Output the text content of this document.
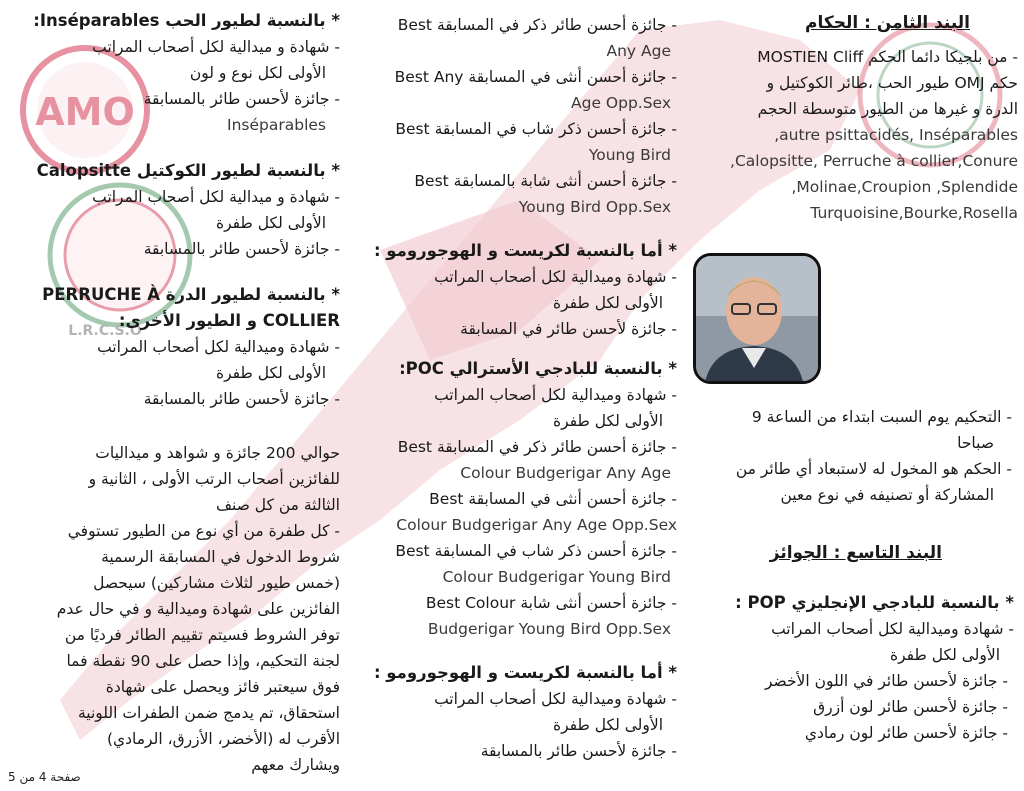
AMO
L.R.C.S.O
البند الثامن : الحكام
- من بلجيكا دائما الحكم MOSTIEN Cliff
حكم OMJ طيور الحب ،طائر الكوكتيل و
الدرة و غيرها من الطيور متوسطة الحجم
autre psittacidés, Inséparables,
Calopsitte, Perruche à collier,Conure,
Molinae,Croupion ,Splendide,
Turquoisine,Bourke,Rosella
- التحكيم يوم السبت ابتداء من الساعة 9
صباحا
- الحكم هو المخول له لاستبعاد أي طائر من
المشاركة أو تصنيفه في نوع معين
البند التاسع : الجوائز
* بالنسبة للبادجي الإنجليزي POP :
- شهادة وميدالية لكل أصحاب المراتب
الأولى لكل طفرة
- جائزة لأحسن طائر في اللون الأخضر
- جائزة لأحسن طائر لون أزرق
- جائزة لأحسن طائر لون رمادي
- جائزة أحسن طائر ذكر في المسابقة Best
Any Age
- جائزة أحسن أنثى في المسابقة Best Any
Age Opp.Sex
- جائزة أحسن ذكر شاب في المسابقة Best
Young Bird
- جائزة أحسن أنثى شابة بالمسابقة Best
Young Bird Opp.Sex
* أما بالنسبة لكريست و الهوجورومو :
- شهادة وميدالية لكل أصحاب المراتب
الأولى لكل طفرة
- جائزة لأحسن طائر في المسابقة
* بالنسبة للبادجي الأسترالي POC:
- شهادة وميدالية لكل أصحاب المراتب
الأولى لكل طفرة
- جائزة أحسن طائر ذكر في المسابقة Best
Colour Budgerigar Any Age
- جائزة أحسن أنثى في المسابقة Best
Colour Budgerigar Any Age Opp.Sex
- جائزة أحسن ذكر شاب في المسابقة Best
Colour Budgerigar Young Bird
- جائزة أحسن أنثى شابة Best Colour
Budgerigar Young Bird Opp.Sex
* أما بالنسبة لكريست و الهوجورومو :
- شهادة وميدالية لكل أصحاب المراتب
الأولى لكل طفرة
- جائزة لأحسن طائر بالمسابقة
* بالنسبة لطيور الحب Inséparables:
- شهادة و ميدالية لكل أصحاب المراتب
الأولى لكل نوع و لون
- جائزة لأحسن طائر بالمسابقة
Inséparables
* بالنسبة لطيور الكوكتيل Calopsitte
- شهادة و ميدالية لكل أصحاب المراتب
الأولى لكل طفرة
- جائزة لأحسن طائر بالمسابقة
* بالنسبة لطيور الدرة PERRUCHE À
COLLIER و الطيور الأخرى:
- شهادة وميدالية لكل أصحاب المراتب
الأولى لكل طفرة
- جائزة لأحسن طائر بالمسابقة
حوالي 200 جائزة و شواهد و ميداليات
للفائزين أصحاب الرتب الأولى ، الثانية و
الثالثة من كل صنف
- كل طفرة من أي نوع من الطيور تستوفي
شروط الدخول في المسابقة الرسمية
(خمس طيور لثلاث مشاركين) سيحصل
الفائزين على شهادة وميدالية و في حال عدم
توفر الشروط فسيتم تقييم الطائر فرديًا من
لجنة التحكيم، وإذا حصل على 90 نقطة فما
فوق سيعتبر فائز ويحصل على شهادة
استحقاق، تم يدمج ضمن الطفرات اللونية
الأقرب له (الأخضر، الأزرق، الرمادي)
ويشارك معهم
صفحة 4 من 5
